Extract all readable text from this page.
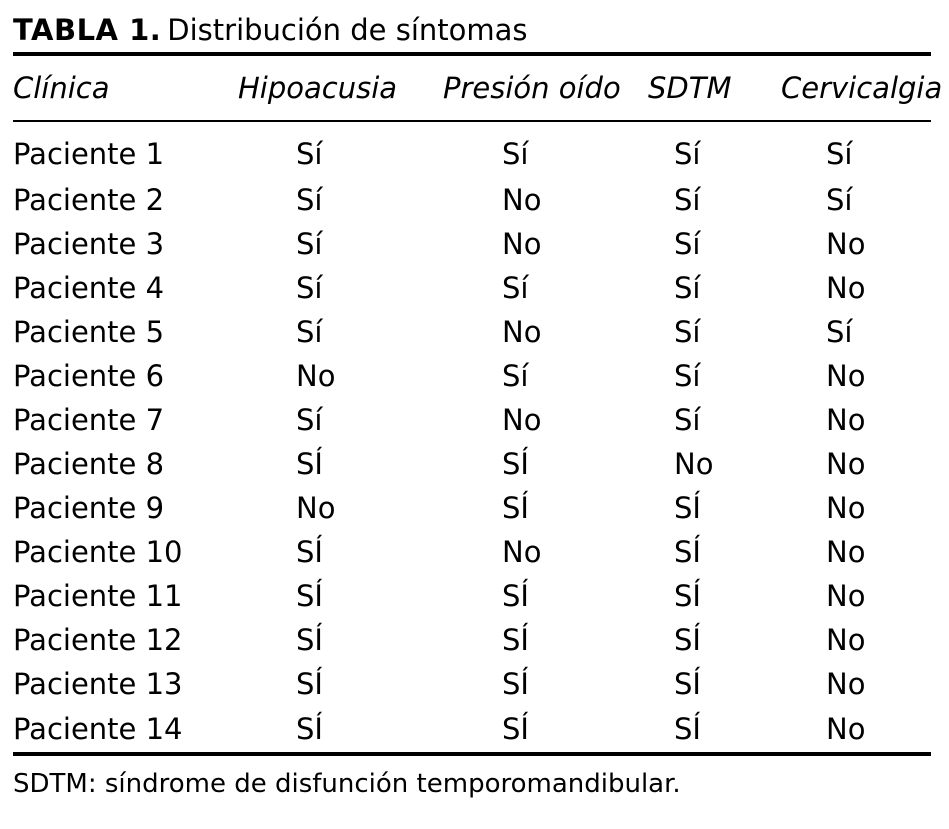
TABLA 1. Distribución de síntomas
Clínica	Hipoacusia	Presión oído	SDTM	Cervicalgia
Paciente 1	Sí	Sí	Sí	Sí
Paciente 2	Sí	No	Sí	Sí
Paciente 3	Sí	No	Sí	No
Paciente 4	Sí	Sí	Sí	No
Paciente 5	Sí	No	Sí	Sí
Paciente 6	No	Sí	Sí	No
Paciente 7	Sí	No	Sí	No
Paciente 8	SÍ	SÍ	No	No
Paciente 9	No	SÍ	SÍ	No
Paciente 10	SÍ	No	SÍ	No
Paciente 11	SÍ	SÍ	SÍ	No
Paciente 12	SÍ	SÍ	SÍ	No
Paciente 13	SÍ	SÍ	SÍ	No
Paciente 14	SÍ	SÍ	SÍ	No
SDTM: síndrome de disfunción temporomandibular.
